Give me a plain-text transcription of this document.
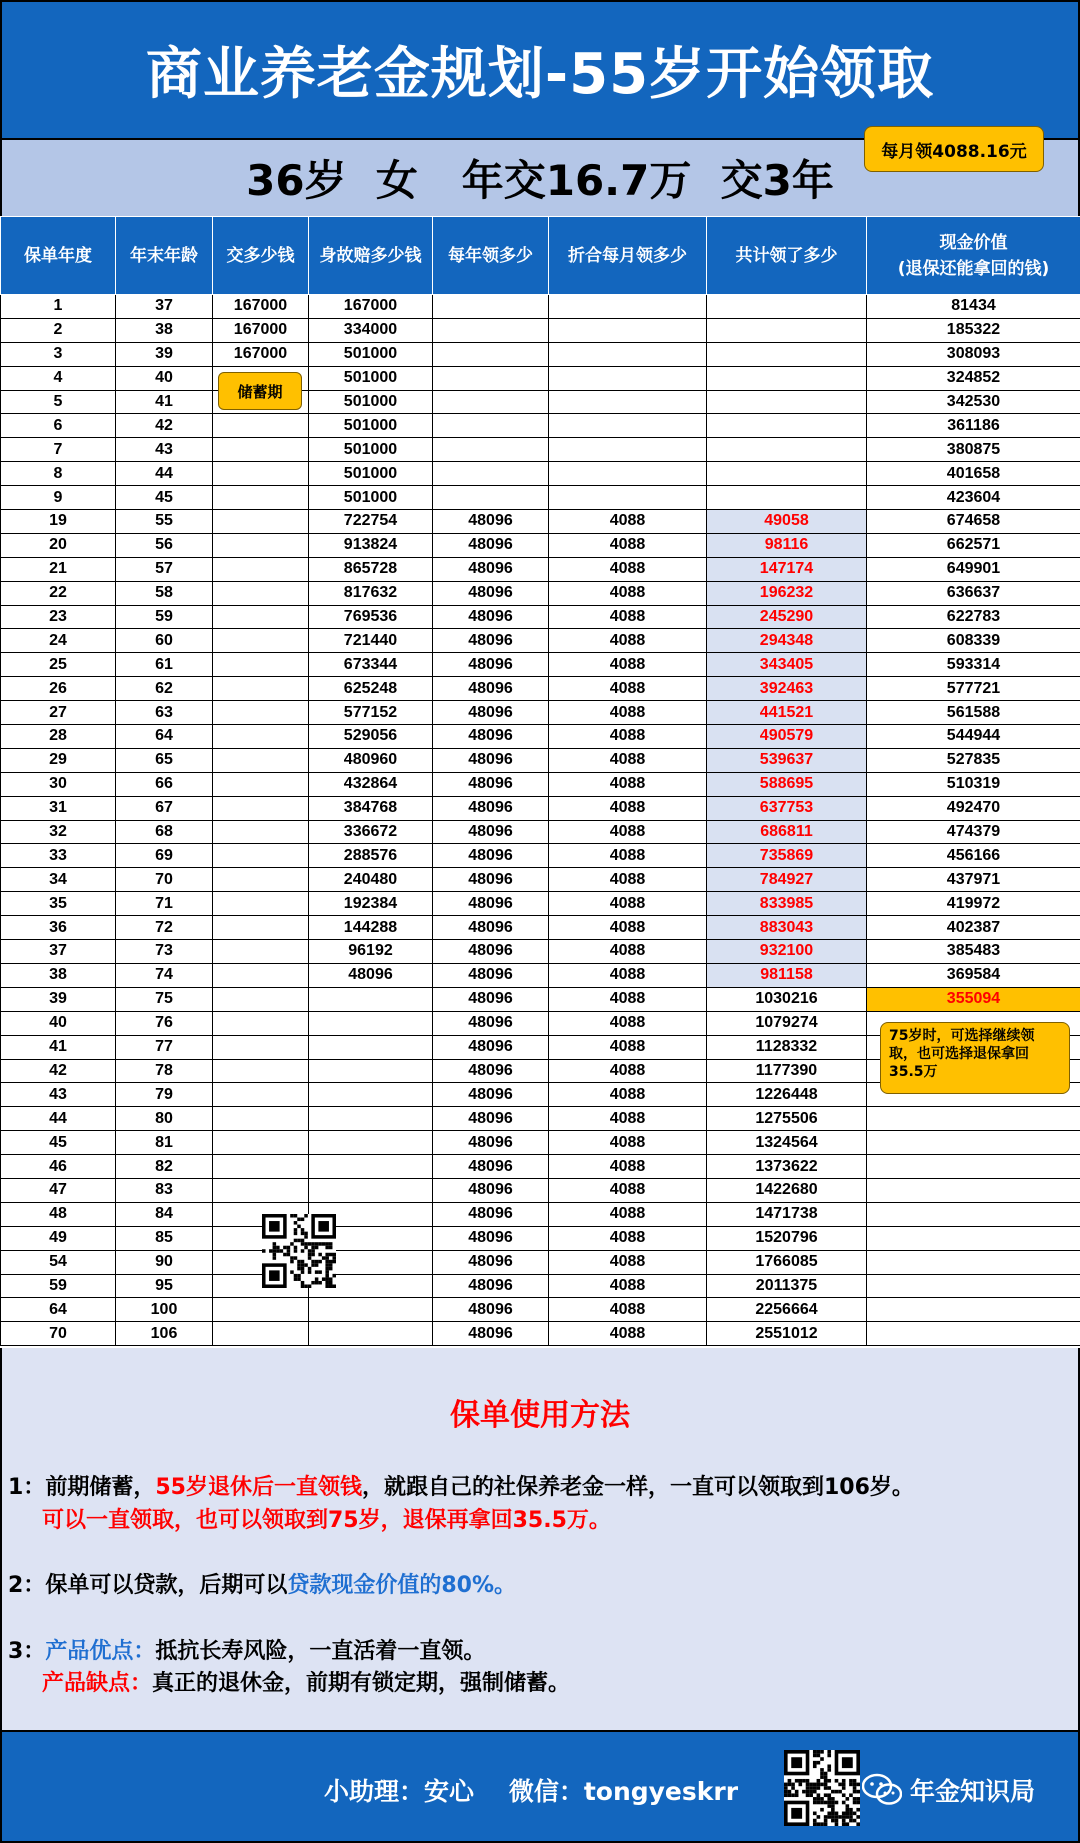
商业养老金规划-55岁开始领取
36岁  女   年交16.7万  交3年
每月领4088.16元
保单年度	年末年龄	交多少钱	身故赔多少钱	每年领多少	折合每月领多少	共计领了多少	现金价值
(退保还能拿回的钱)
1	37	167000	167000				81434
2	38	167000	334000				185322
3	39	167000	501000				308093
4	40		501000				324852
5	41		501000				342530
6	42		501000				361186
7	43		501000				380875
8	44		501000				401658
9	45		501000				423604
19	55		722754	48096	4088	49058	674658
20	56		913824	48096	4088	98116	662571
21	57		865728	48096	4088	147174	649901
22	58		817632	48096	4088	196232	636637
23	59		769536	48096	4088	245290	622783
24	60		721440	48096	4088	294348	608339
25	61		673344	48096	4088	343405	593314
26	62		625248	48096	4088	392463	577721
27	63		577152	48096	4088	441521	561588
28	64		529056	48096	4088	490579	544944
29	65		480960	48096	4088	539637	527835
30	66		432864	48096	4088	588695	510319
31	67		384768	48096	4088	637753	492470
32	68		336672	48096	4088	686811	474379
33	69		288576	48096	4088	735869	456166
34	70		240480	48096	4088	784927	437971
35	71		192384	48096	4088	833985	419972
36	72		144288	48096	4088	883043	402387
37	73		96192	48096	4088	932100	385483
38	74		48096	48096	4088	981158	369584
39	75			48096	4088	1030216	355094
40	76			48096	4088	1079274	
41	77			48096	4088	1128332	
42	78			48096	4088	1177390	
43	79			48096	4088	1226448	
44	80			48096	4088	1275506	
45	81			48096	4088	1324564	
46	82			48096	4088	1373622	
47	83			48096	4088	1422680	
48	84			48096	4088	1471738	
49	85			48096	4088	1520796	
54	90			48096	4088	1766085	
59	95			48096	4088	2011375	
64	100			48096	4088	2256664	
70	106			48096	4088	2551012	
储蓄期
75岁时，可选择继续领取，也可选择退保拿回35.5万
保单使用方法
1：前期储蓄，55岁退休后一直领钱，就跟自己的社保养老金一样，一直可以领取到106岁。
可以一直领取，也可以领取到75岁，退保再拿回35.5万。
2：保单可以贷款，后期可以贷款现金价值的80%。
3：产品优点：抵抗长寿风险，一直活着一直领。
产品缺点：真正的退休金，前期有锁定期，强制储蓄。
小助理：安心    微信：tongyeskrr	年金知识局
